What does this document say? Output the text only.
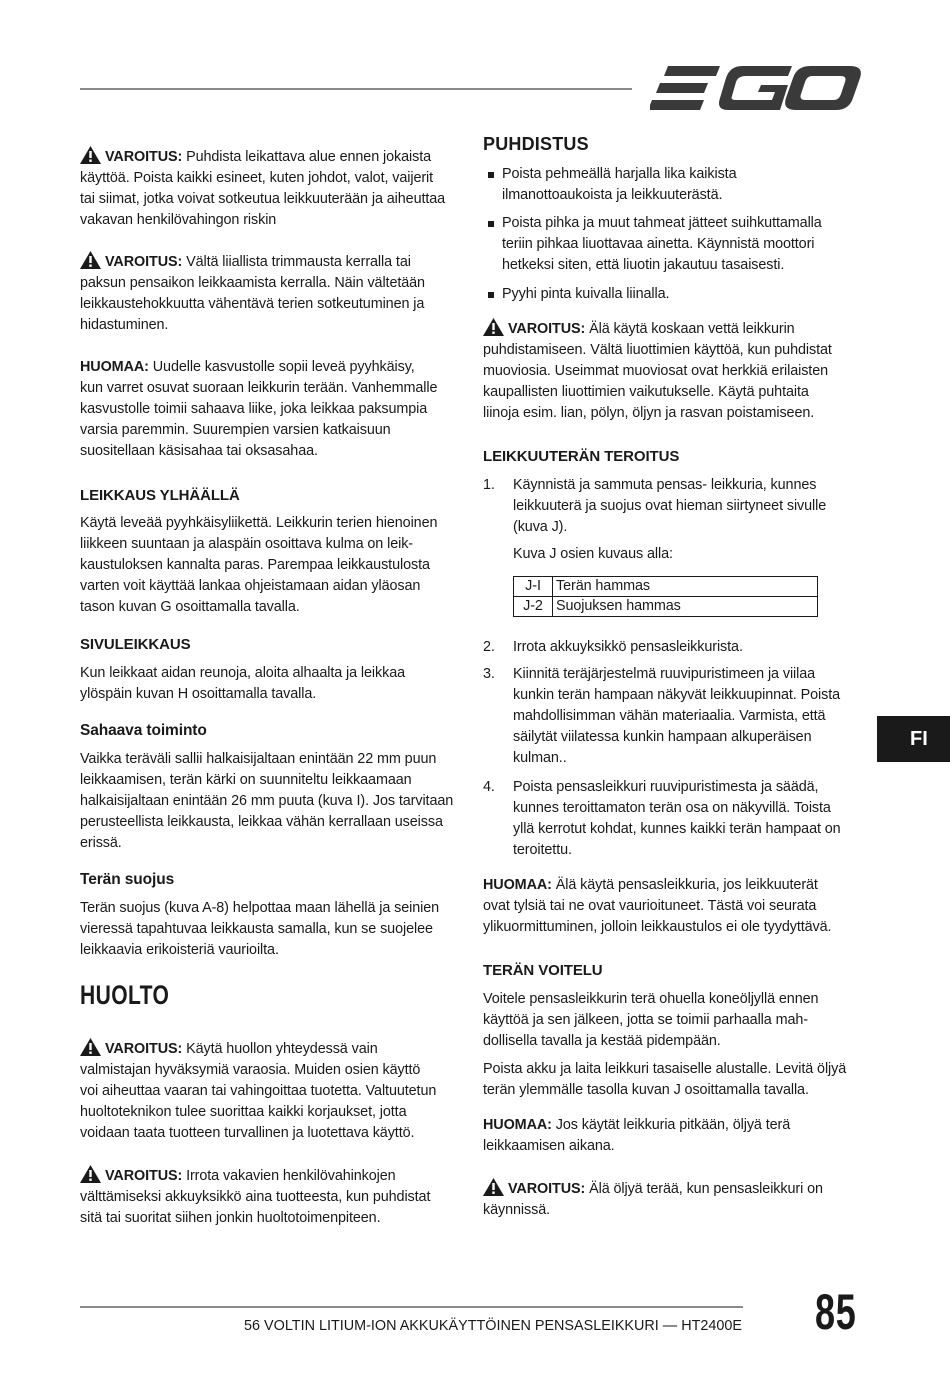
VAROITUS: Puhdista leikattava alue ennen jokaista
käyttöä. Poista kaikki esineet, kuten johdot, valot, vaijerit
tai siimat, jotka voivat sotkeutua leikkuuterään ja aiheuttaa
vakavan henkilövahingon riskin

VAROITUS: Vältä liiallista trimmausta kerralla tai
paksun pensaikon leikkaamista kerralla. Näin vältetään
leikkaustehokkuutta vähentävä terien sotkeutuminen ja
hidastuminen.

HUOMAA: Uudelle kasvustolle sopii leveä pyyhkäisy,
kun varret osuvat suoraan leikkurin terään. Vanhemmalle
kasvustolle toimii sahaava liike, joka leikkaa paksumpia
varsia paremmin. Suurempien varsien katkaisuun
suositellaan käsisahaa tai oksasahaa.

LEIKKAUS YLHÄÄLLÄ

Käytä leveää pyyhkäisyliikettä. Leikkurin terien hienoinen
liikkeen suuntaan ja alaspäin osoittava kulma on leik-
kaustuloksen kannalta paras. Parempaa leikkaustulosta
varten voit käyttää lankaa ohjeistamaan aidan yläosan
tason kuvan G osoittamalla tavalla.

SIVULEIKKAUS

Kun leikkaat aidan reunoja, aloita alhaalta ja leikkaa
ylöspäin kuvan H osoittamalla tavalla.

Sahaava toiminto

Vaikka teräväli sallii halkaisijaltaan enintään 22 mm puun
leikkaamisen, terän kärki on suunniteltu leikkaamaan
halkaisijaltaan enintään 26 mm puuta (kuva I). Jos tarvitaan
perusteellista leikkausta, leikkaa vähän kerrallaan useissa
erissä.

Terän suojus

Terän suojus (kuva A-8) helpottaa maan lähellä ja seinien
vieressä tapahtuvaa leikkausta samalla, kun se suojelee
leikkaavia erikoisteriä vaurioilta.

HUOLTO

VAROITUS: Käytä huollon yhteydessä vain
valmistajan hyväksymiä varaosia. Muiden osien käyttö
voi aiheuttaa vaaran tai vahingoittaa tuotetta. Valtuutetun
huoltoteknikon tulee suorittaa kaikki korjaukset, jotta
voidaan taata tuotteen turvallinen ja luotettava käyttö.

VAROITUS: Irrota vakavien henkilövahinkojen
välttämiseksi akkuyksikkö aina tuotteesta, kun puhdistat
sitä tai suoritat siihen jonkin huoltotoimenpiteen.

PUHDISTUS

Poista pehmeällä harjalla lika kaikista
ilmanottoaukoista ja leikkuuterästä.

Poista pihka ja muut tahmeat jätteet suihkuttamalla
teriin pihkaa liuottavaa ainetta. Käynnistä moottori
hetkeksi siten, että liuotin jakautuu tasaisesti.

Pyyhi pinta kuivalla liinalla.

VAROITUS: Älä käytä koskaan vettä leikkurin
puhdistamiseen. Vältä liuottimien käyttöä, kun puhdistat
muoviosia. Useimmat muoviosat ovat herkkiä erilaisten
kaupallisten liuottimien vaikutukselle. Käytä puhtaita
liinoja esim. lian, pölyn, öljyn ja rasvan poistamiseen.

LEIKKUUTERÄN TEROITUS

1. Käynnistä ja sammuta pensas- leikkuria, kunnes
leikkuuterä ja suojus ovat hieman siirtyneet sivulle
(kuva J).

Kuva J osien kuvaus alla:

J-I	Terän hammas
J-2	Suojuksen hammas
2. Irrota akkuyksikkö pensasleikkurista.

3. Kiinnitä teräjärjestelmä ruuvipuristimeen ja viilaa
kunkin terän hampaan näkyvät leikkuupinnat. Poista
mahdollisimman vähän materiaalia. Varmista, että
säilytät viilatessa kunkin hampaan alkuperäisen
kulman..

4. Poista pensasleikkuri ruuvipuristimesta ja säädä,
kunnes teroittamaton terän osa on näkyvillä. Toista
yllä kerrotut kohdat, kunnes kaikki terän hampaat on
teroitettu.

HUOMAA: Älä käytä pensasleikkuria, jos leikkuuterät
ovat tylsiä tai ne ovat vaurioituneet. Tästä voi seurata
ylikuormittuminen, jolloin leikkaustulos ei ole tyydyttävä.

TERÄN VOITELU

Voitele pensasleikkurin terä ohuella koneöljyllä ennen
käyttöä ja sen jälkeen, jotta se toimii parhaalla mah-
dollisella tavalla ja kestää pidempään.

Poista akku ja laita leikkuri tasaiselle alustalle. Levitä öljyä
terän ylemmälle tasolla kuvan J osoittamalla tavalla.

HUOMAA: Jos käytät leikkuria pitkään, öljyä terä
leikkaamisen aikana.

VAROITUS: Älä öljyä terää, kun pensasleikkuri on
käynnissä.

FI
56 VOLTIN LITIUM-ION AKKUKÄYTTÖINEN PENSASLEIKKURI — HT2400E 85
